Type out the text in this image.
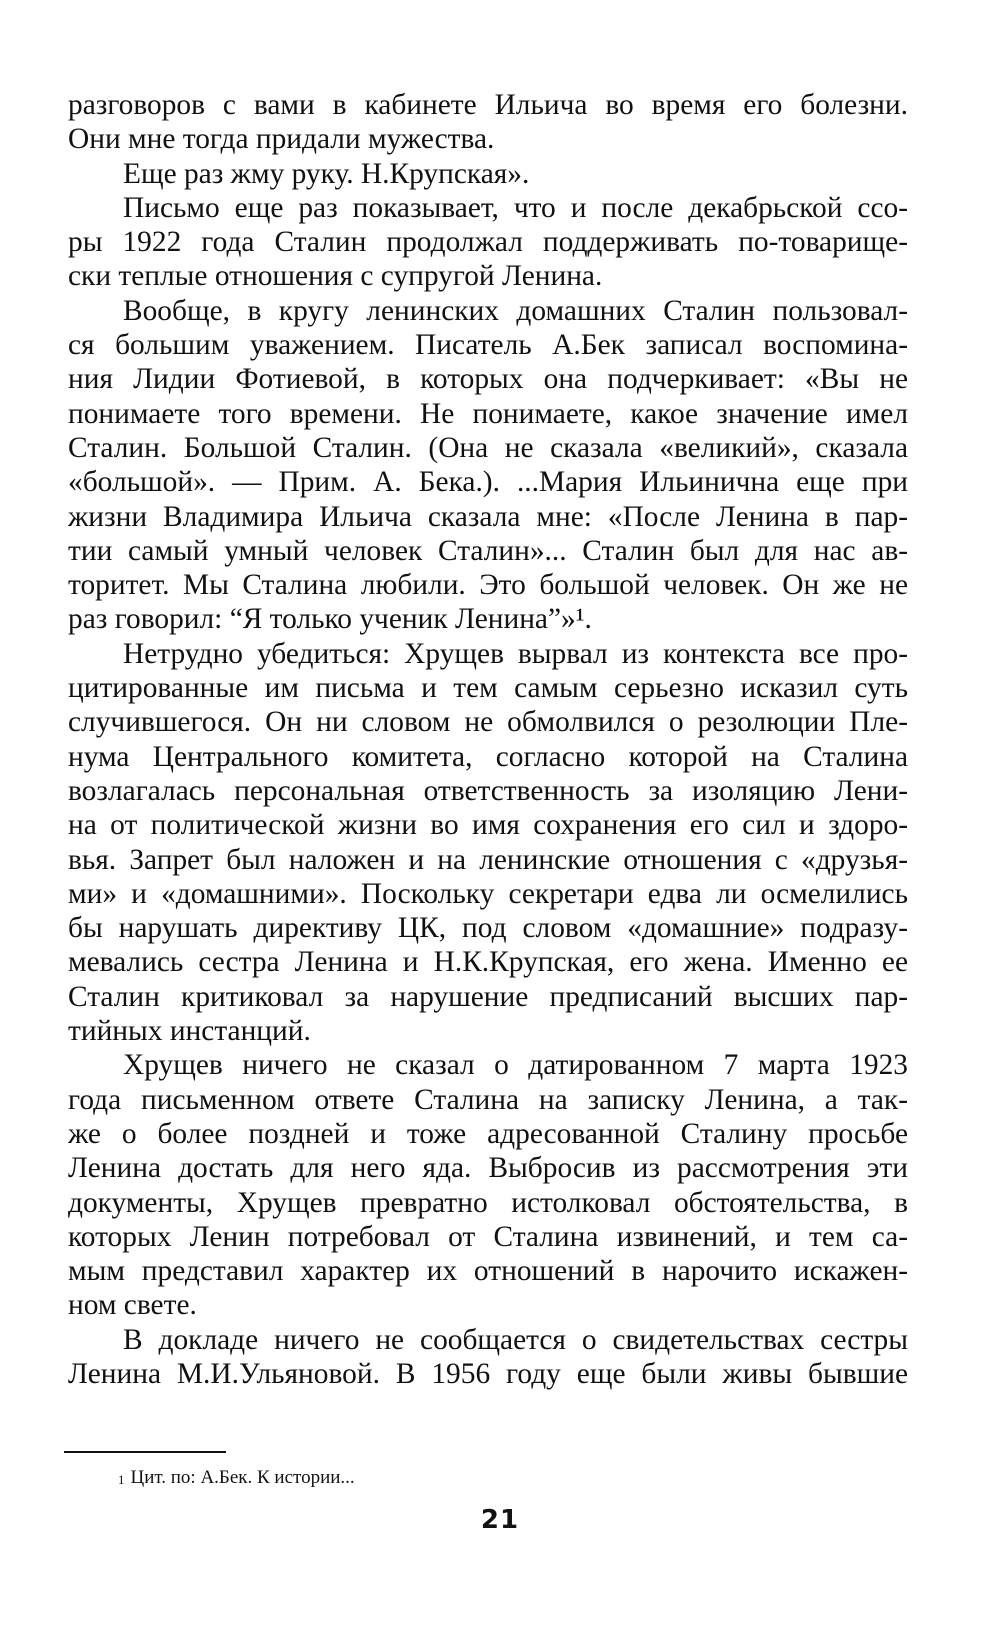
разговоров с вами в кабинете Ильича во время его болезни.
Они мне тогда придали мужества.
Еще раз жму руку. Н.Крупская».
Письмо еще раз показывает, что и после декабрьской ссо-
ры 1922 года Сталин продолжал поддерживать по-товарище-
ски теплые отношения с супругой Ленина.
Вообще, в кругу ленинских домашних Сталин пользовал-
ся большим уважением. Писатель А.Бек записал воспомина-
ния Лидии Фотиевой, в которых она подчеркивает: «Вы не
понимаете того времени. Не понимаете, какое значение имел
Сталин. Большой Сталин. (Она не сказала «великий», сказала
«большой». — Прим. А. Бека.). ...Мария Ильинична еще при
жизни Владимира Ильича сказала мне: «После Ленина в пар-
тии самый умный человек Сталин»... Сталин был для нас ав-
торитет. Мы Сталина любили. Это большой человек. Он же не
раз говорил: “Я только ученик Ленина”»¹.
Нетрудно убедиться: Хрущев вырвал из контекста все про-
цитированные им письма и тем самым серьезно исказил суть
случившегося. Он ни словом не обмолвился о резолюции Пле-
нума Центрального комитета, согласно которой на Сталина
возлагалась персональная ответственность за изоляцию Лени-
на от политической жизни во имя сохранения его сил и здоро-
вья. Запрет был наложен и на ленинские отношения с «друзья-
ми» и «домашними». Поскольку секретари едва ли осмелились
бы нарушать директиву ЦК, под словом «домашние» подразу-
мевались сестра Ленина и Н.К.Крупская, его жена. Именно ее
Сталин критиковал за нарушение предписаний высших пар-
тийных инстанций.
Хрущев ничего не сказал о датированном 7 марта 1923
года письменном ответе Сталина на записку Ленина, а так-
же о более поздней и тоже адресованной Сталину просьбе
Ленина достать для него яда. Выбросив из рассмотрения эти
документы, Хрущев превратно истолковал обстоятельства, в
которых Ленин потребовал от Сталина извинений, и тем са-
мым представил характер их отношений в нарочито искажен-
ном свете.
В докладе ничего не сообщается о свидетельствах сестры
Ленина М.И.Ульяновой. В 1956 году еще были живы бывшие
$^1$ Цит. по: А.Бек. К истории...
21
